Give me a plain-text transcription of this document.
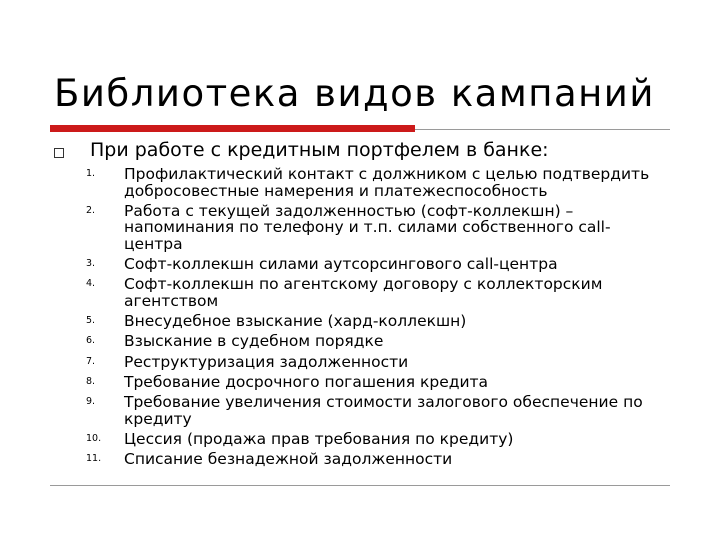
Библиотека видов кампаний
При работе с кредитным портфелем в банке:
1. Профилактический контакт с должником с целью подтвердить добросовестные намерения и платежеспособность
2. Работа с текущей задолженностью (софт-коллекшн) – напоминания по телефону и т.п. силами собственного call-центра
3. Софт-коллекшн силами аутсорсингового call-центра
4. Софт-коллекшн по агентскому договору с коллекторским агентством
5. Внесудебное взыскание (хард-коллекшн)
6. Взыскание в судебном порядке
7. Реструктуризация задолженности
8. Требование досрочного погашения кредита
9. Требование увеличения стоимости залогового обеспечение по кредиту
10. Цессия (продажа прав требования по кредиту)
11. Списание безнадежной задолженности
